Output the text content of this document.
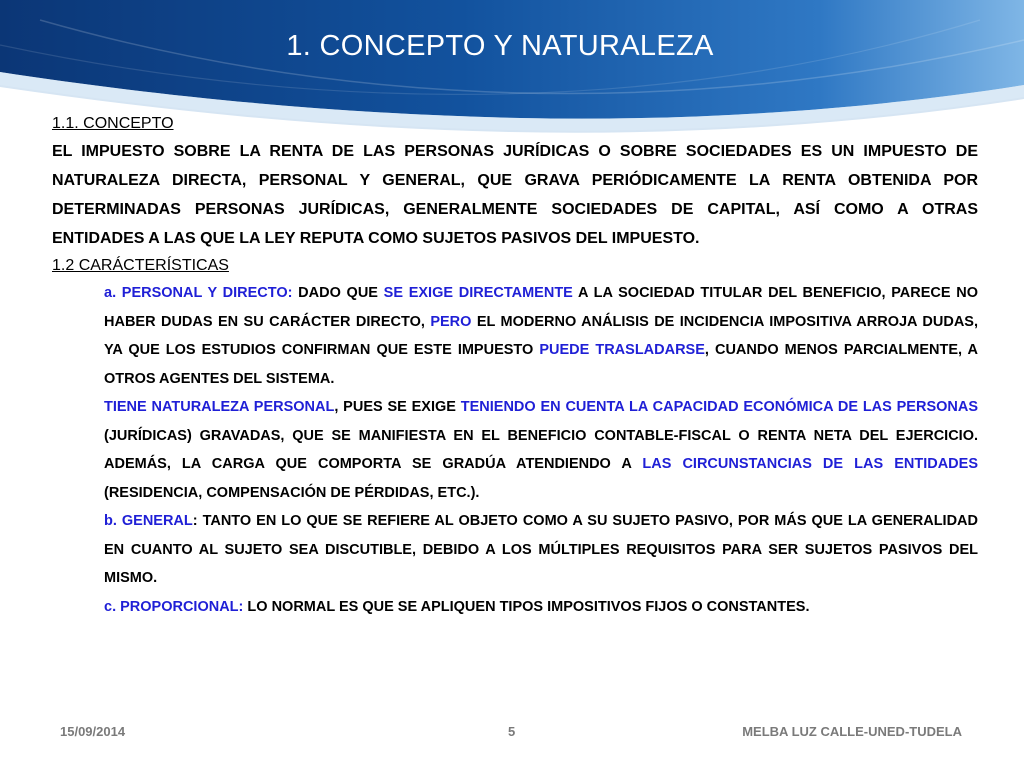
1. CONCEPTO Y NATURALEZA
1.1. CONCEPTO
EL IMPUESTO SOBRE LA RENTA DE LAS PERSONAS JURÍDICAS O SOBRE SOCIEDADES ES UN IMPUESTO DE NATURALEZA DIRECTA, PERSONAL Y GENERAL, QUE GRAVA PERIÓDICAMENTE LA RENTA OBTENIDA POR DETERMINADAS PERSONAS JURÍDICAS, GENERALMENTE SOCIEDADES DE CAPITAL, ASÍ COMO A OTRAS ENTIDADES A LAS QUE LA LEY REPUTA COMO SUJETOS PASIVOS DEL IMPUESTO.
1.2 CARÁCTERÍSTICAS
a. PERSONAL Y DIRECTO: DADO QUE SE EXIGE DIRECTAMENTE A LA SOCIEDAD TITULAR DEL BENEFICIO, PARECE NO HABER DUDAS EN SU CARÁCTER DIRECTO, PERO EL MODERNO ANÁLISIS DE INCIDENCIA IMPOSITIVA ARROJA DUDAS, YA QUE LOS ESTUDIOS CONFIRMAN QUE ESTE IMPUESTO PUEDE TRASLADARSE, CUANDO MENOS PARCIALMENTE, A OTROS AGENTES DEL SISTEMA.
TIENE NATURALEZA PERSONAL, PUES SE EXIGE TENIENDO EN CUENTA LA CAPACIDAD ECONÓMICA DE LAS PERSONAS (JURÍDICAS) GRAVADAS, QUE SE MANIFIESTA EN EL BENEFICIO CONTABLE-FISCAL O RENTA NETA DEL EJERCICIO. ADEMÁS, LA CARGA QUE COMPORTA SE GRADÚA ATENDIENDO A LAS CIRCUNSTANCIAS DE LAS ENTIDADES (RESIDENCIA, COMPENSACIÓN DE PÉRDIDAS, ETC.).
b. GENERAL: TANTO EN LO QUE SE REFIERE AL OBJETO COMO A SU SUJETO PASIVO, POR MÁS QUE LA GENERALIDAD EN CUANTO AL SUJETO SEA DISCUTIBLE, DEBIDO A LOS MÚLTIPLES REQUISITOS PARA SER SUJETOS PASIVOS DEL MISMO.
c. PROPORCIONAL: LO NORMAL ES QUE SE APLIQUEN TIPOS IMPOSITIVOS FIJOS O CONSTANTES.
15/09/2014	5	MELBA LUZ CALLE-UNED-TUDELA
